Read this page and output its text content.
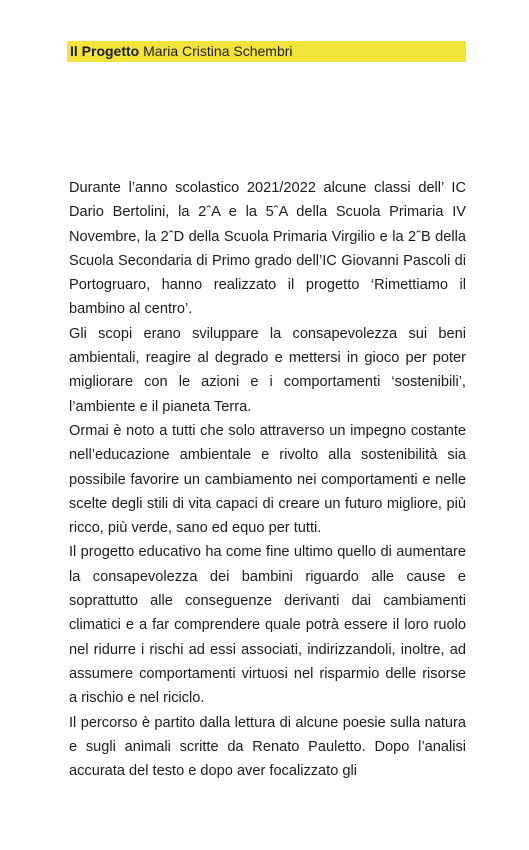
Il Progetto Maria Cristina Schembri

Durante l’anno scolastico 2021/2022 alcune classi dell’ IC Dario Bertolini, la 2ˆA e la 5ˆA della Scuola Primaria IV Novembre, la 2ˆD della Scuola Primaria Virgilio e la 2ˆB della Scuola Secondaria di Primo grado dell’IC Giovanni Pascoli di Portogruaro, hanno realizzato il progetto ‘Rimettiamo il bambino al centro’.

Gli scopi erano sviluppare la consapevolezza sui beni ambientali, reagire al degrado e mettersi in gioco per poter migliorare con le azioni e i comportamenti ‘sostenibili’, l’ambiente e il pianeta Terra.

Ormai è noto a tutti che solo attraverso un impegno costante nell’educazione ambientale e rivolto alla sostenibilità sia possibile favorire un cambiamento nei comportamenti e nelle scelte degli stili di vita capaci di creare un futuro migliore, più ricco, più verde, sano ed equo per tutti.

Il progetto educativo ha come fine ultimo quello di aumentare la consapevolezza dei bambini riguardo alle cause e soprattutto alle conseguenze derivanti dai cambiamenti climatici e a far comprendere quale potrà essere il loro ruolo nel ridurre i rischi ad essi associati, indirizzandoli, inoltre, ad assumere comportamenti virtuosi nel risparmio delle risorse a rischio e nel riciclo.

Il percorso è partito dalla lettura di alcune poesie sulla natura e sugli animali scritte da Renato Pauletto. Dopo l’analisi accurata del testo e dopo aver focalizzato gli
